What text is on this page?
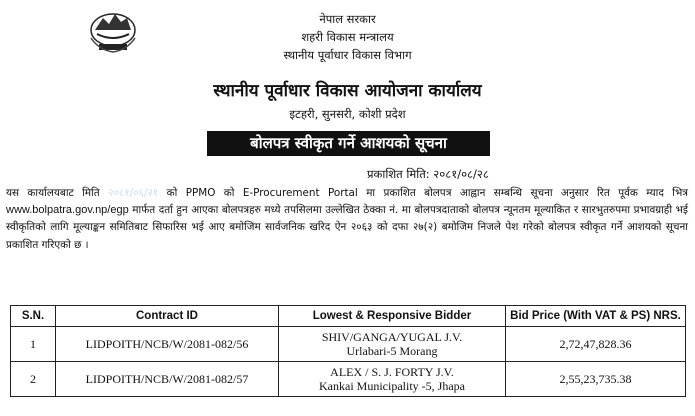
नेपाल सरकार
शहरी विकास मन्त्रालय
स्थानीय पूर्वाधार विकास विभाग
स्थानीय पूर्वाधार विकास आयोजना कार्यालय
इटहरी, सुनसरी, कोशी प्रदेश
बोलपत्र स्वीकृत गर्ने आशयको सूचना
प्रकाशित मिति: २०८१/०८/२८
यस कार्यालयबाट मिति २०८१/०६/२१ को PPMO को E-Procurement Portal मा प्रकाशित बोलपत्र आह्वान सम्बन्धि सूचना अनुसार रित पूर्वक म्याद भित्र www.bolpatra.gov.np/egp मार्फत दर्ता हुन आएका बोलपत्रहरु मध्ये तपसिलमा उल्लेखित ठेक्का नं. मा बोलपत्रदाताको बोलपत्र न्यूनतम मूल्याकित र सारभुतरुपमा प्रभावग्राही भई स्वीकृतिको लागि मूल्याङ्कन समितिबाट सिफारिस भई आए बमोजिम सार्वजनिक खरिद ऐन २०६३ को दफा २७(२) बमोजिम निजले पेश गरेको बोलपत्र स्वीकृत गर्ने आशयको सूचना प्रकाशित गरिएको छ ।
S.N.	Contract ID	Lowest & Responsive Bidder	Bid Price (With VAT & PS) NRS.
1	LIDPOITH/NCB/W/2081-082/56	SHIV/GANGA/YUGAL J.V.
Urlabari-5 Morang	2,72,47,828.36
2	LIDPOITH/NCB/W/2081-082/57	ALEX / S. J. FORTY J.V.
Kankai Municipality -5, Jhapa	2,55,23,735.38
